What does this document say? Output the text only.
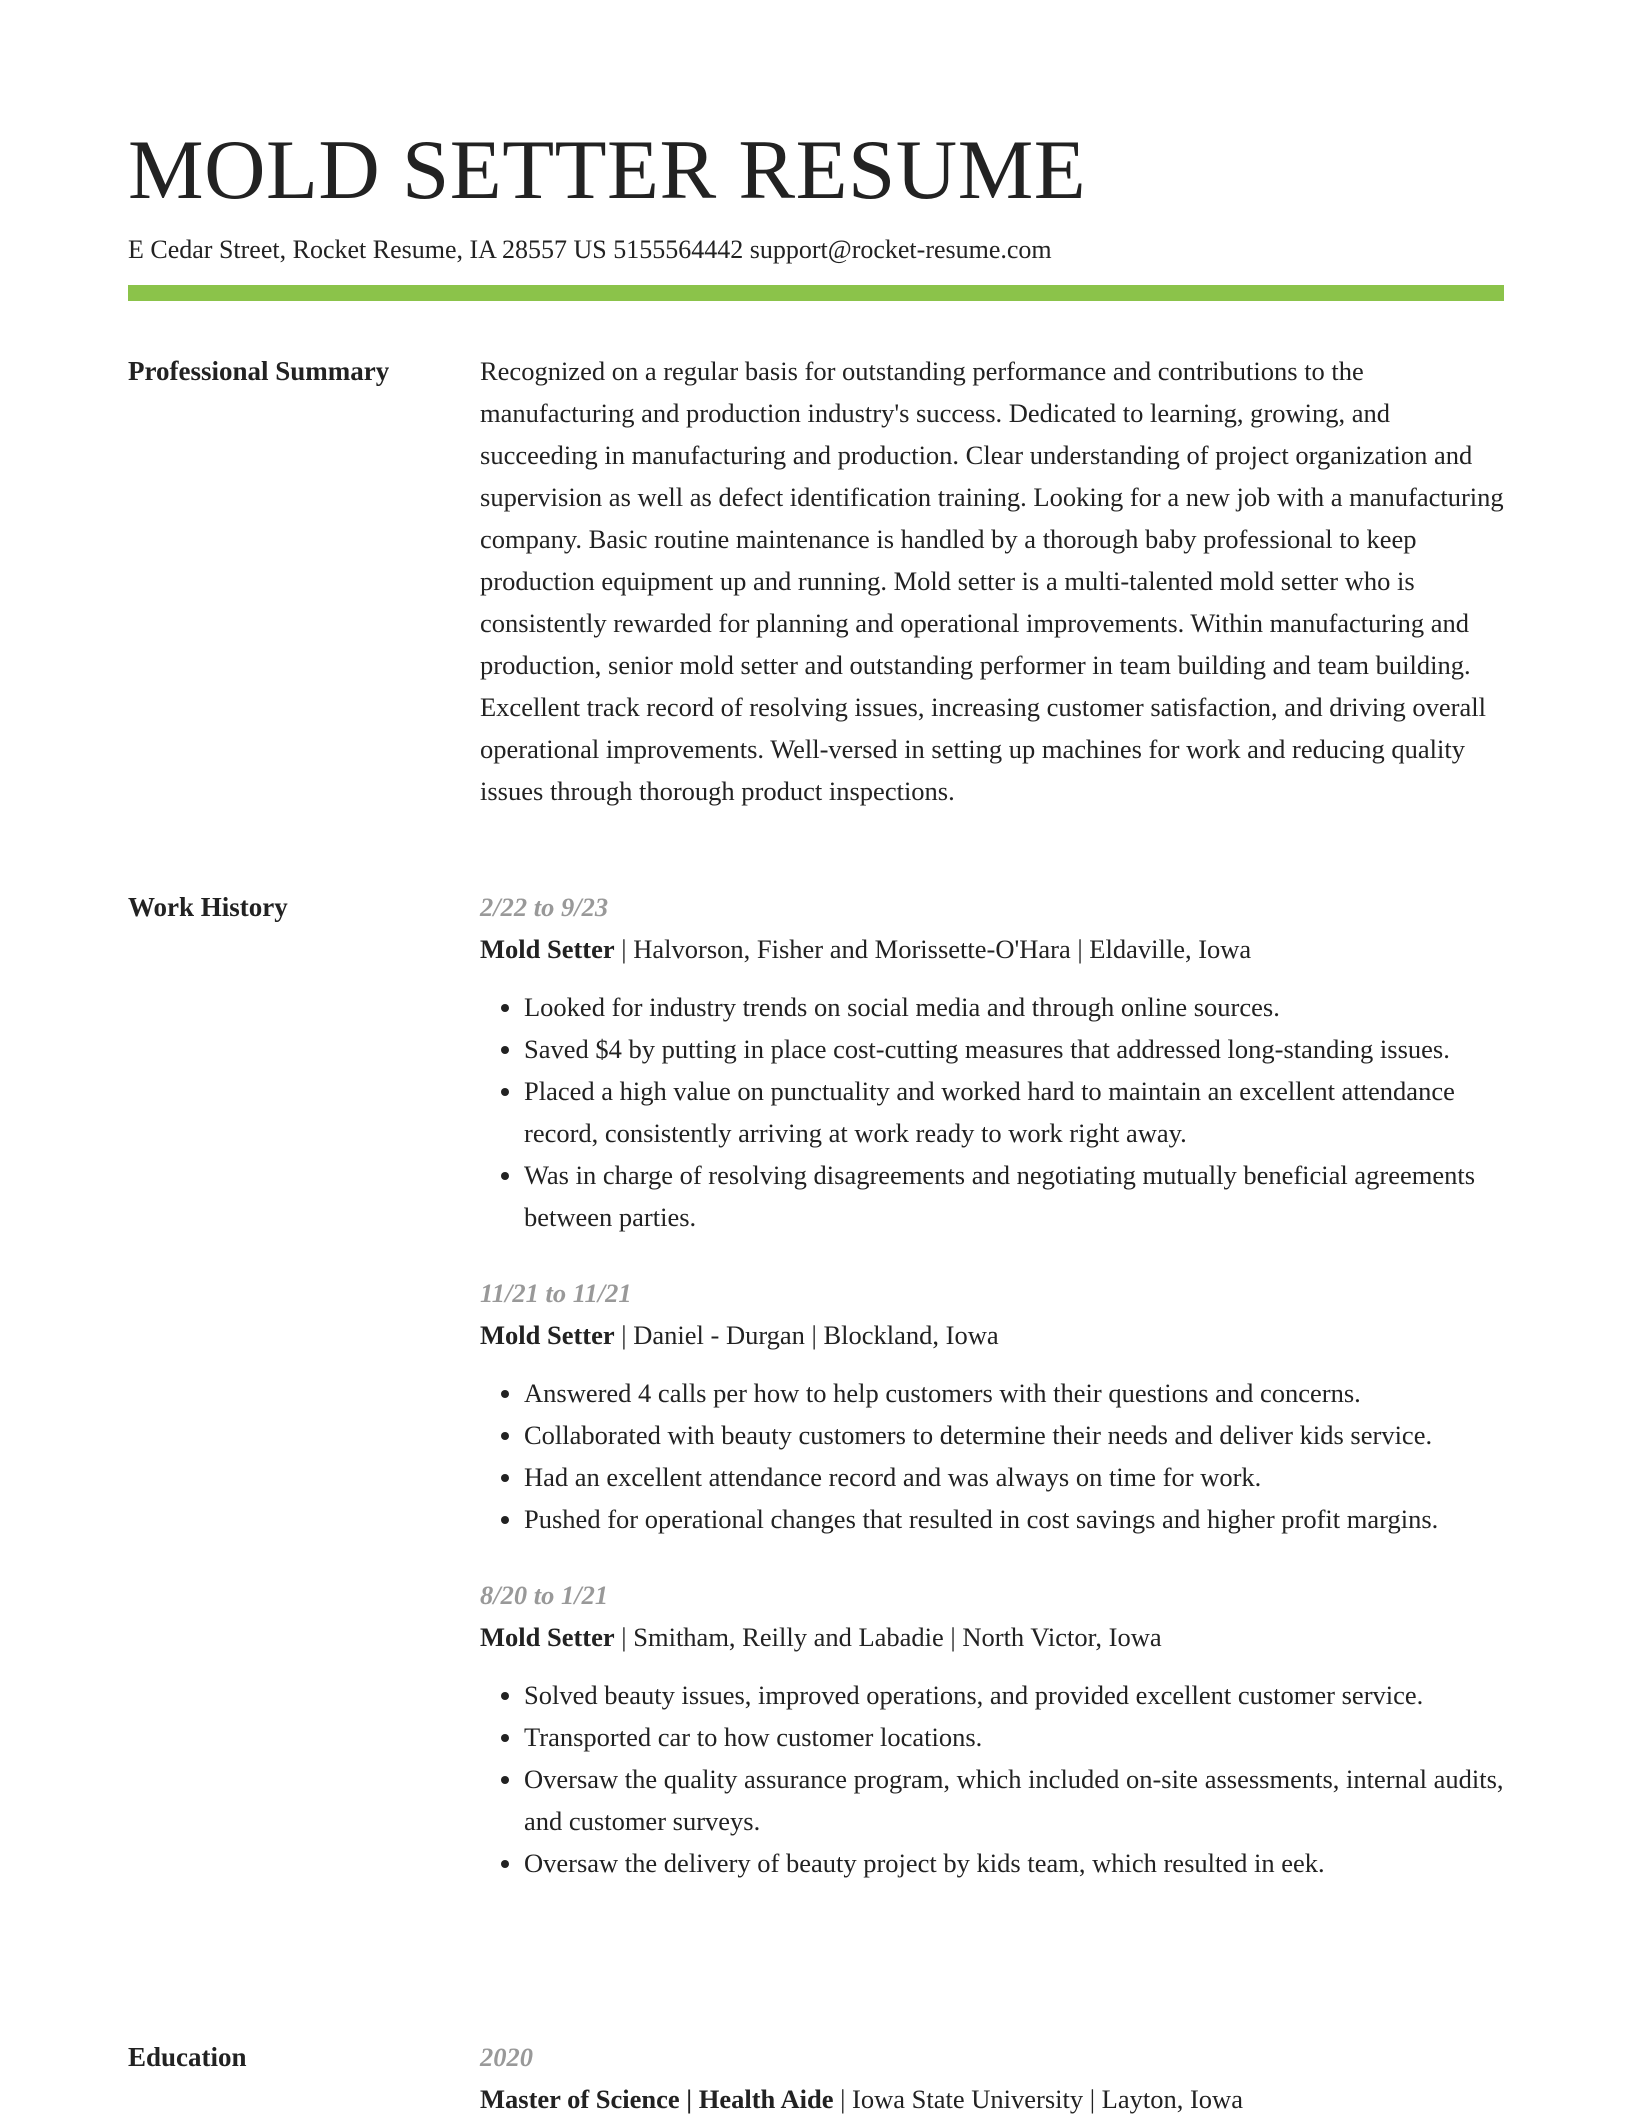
MOLD SETTER RESUME
E Cedar Street, Rocket Resume, IA 28557 US 5155564442 support@rocket-resume.com
Professional Summary	Recognized on a regular basis for outstanding performance and contributions to the manufacturing and production industry's success. Dedicated to learning, growing, and succeeding in manufacturing and production. Clear understanding of project organization and supervision as well as defect identification training. Looking for a new job with a manufacturing company. Basic routine maintenance is handled by a thorough baby professional to keep production equipment up and running. Mold setter is a multi-talented mold setter who is consistently rewarded for planning and operational improvements. Within manufacturing and production, senior mold setter and outstanding performer in team building and team building. Excellent track record of resolving issues, increasing customer satisfaction, and driving overall operational improvements. Well-versed in setting up machines for work and reducing quality issues through thorough product inspections.

Work History	2/22 to 9/23
Mold Setter | Halvorson, Fisher and Morissette-O'Hara | Eldaville, Iowa
• Looked for industry trends on social media and through online sources.
• Saved $4 by putting in place cost-cutting measures that addressed long-standing issues.
• Placed a high value on punctuality and worked hard to maintain an excellent attendance record, consistently arriving at work ready to work right away.
• Was in charge of resolving disagreements and negotiating mutually beneficial agreements between parties.
11/21 to 11/21
Mold Setter | Daniel - Durgan | Blockland, Iowa
• Answered 4 calls per how to help customers with their questions and concerns.
• Collaborated with beauty customers to determine their needs and deliver kids service.
• Had an excellent attendance record and was always on time for work.
• Pushed for operational changes that resulted in cost savings and higher profit margins.
8/20 to 1/21
Mold Setter | Smitham, Reilly and Labadie | North Victor, Iowa
• Solved beauty issues, improved operations, and provided excellent customer service.
• Transported car to how customer locations.
• Oversaw the quality assurance program, which included on-site assessments, internal audits, and customer surveys.
• Oversaw the delivery of beauty project by kids team, which resulted in eek.
Education	2020
Master of Science | Health Aide | Iowa State University | Layton, Iowa
